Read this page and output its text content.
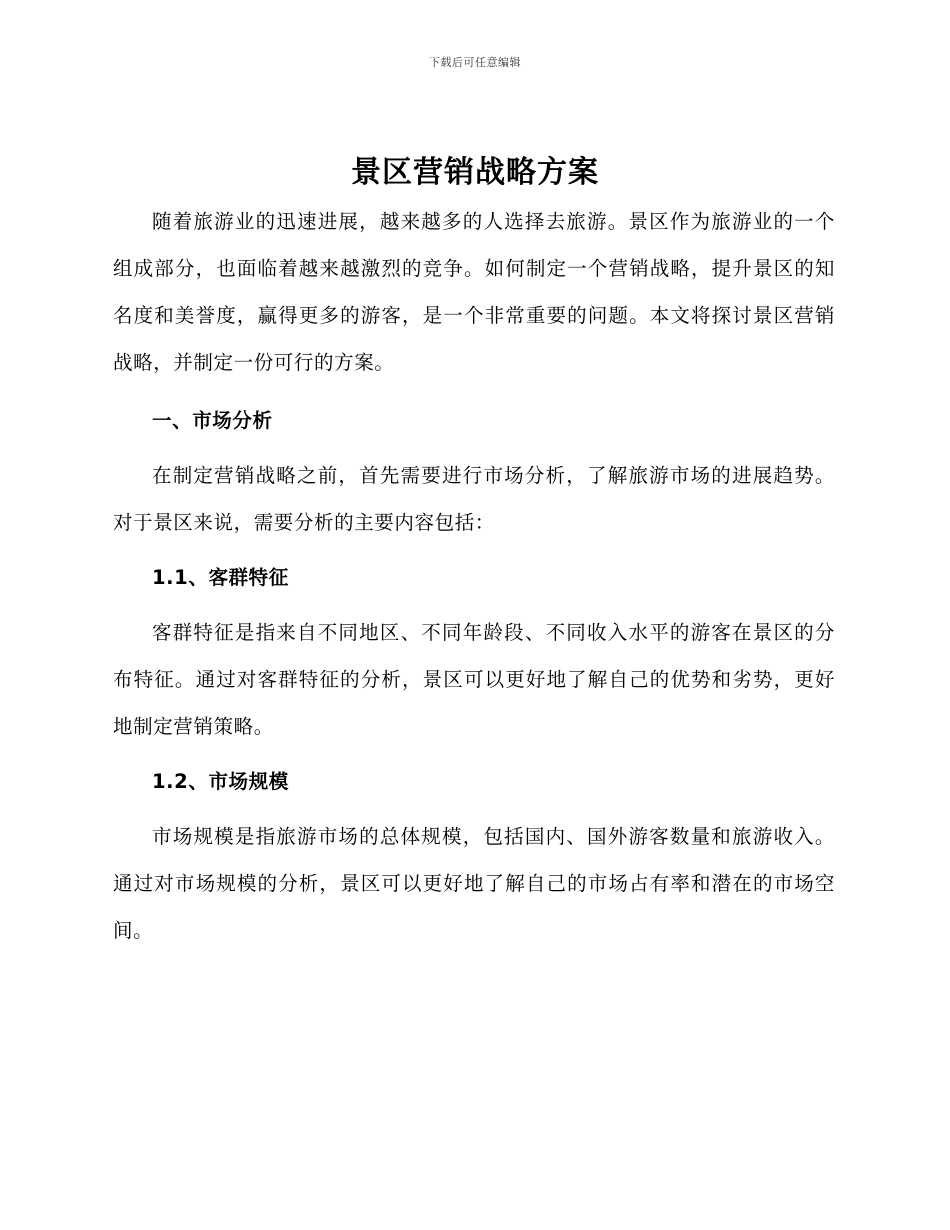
下载后可任意编辑
景区营销战略方案

随着旅游业的迅速进展，越来越多的人选择去旅游。景区作为旅游业的一个组成部分，也面临着越来越激烈的竞争。如何制定一个营销战略，提升景区的知名度和美誉度，赢得更多的游客，是一个非常重要的问题。本文将探讨景区营销战略，并制定一份可行的方案。

一、市场分析

在制定营销战略之前，首先需要进行市场分析，了解旅游市场的进展趋势。对于景区来说，需要分析的主要内容包括：

1.1、客群特征

客群特征是指来自不同地区、不同年龄段、不同收入水平的游客在景区的分布特征。通过对客群特征的分析，景区可以更好地了解自己的优势和劣势，更好地制定营销策略。

1.2、市场规模

市场规模是指旅游市场的总体规模，包括国内、国外游客数量和旅游收入。通过对市场规模的分析，景区可以更好地了解自己的市场占有率和潜在的市场空间。
